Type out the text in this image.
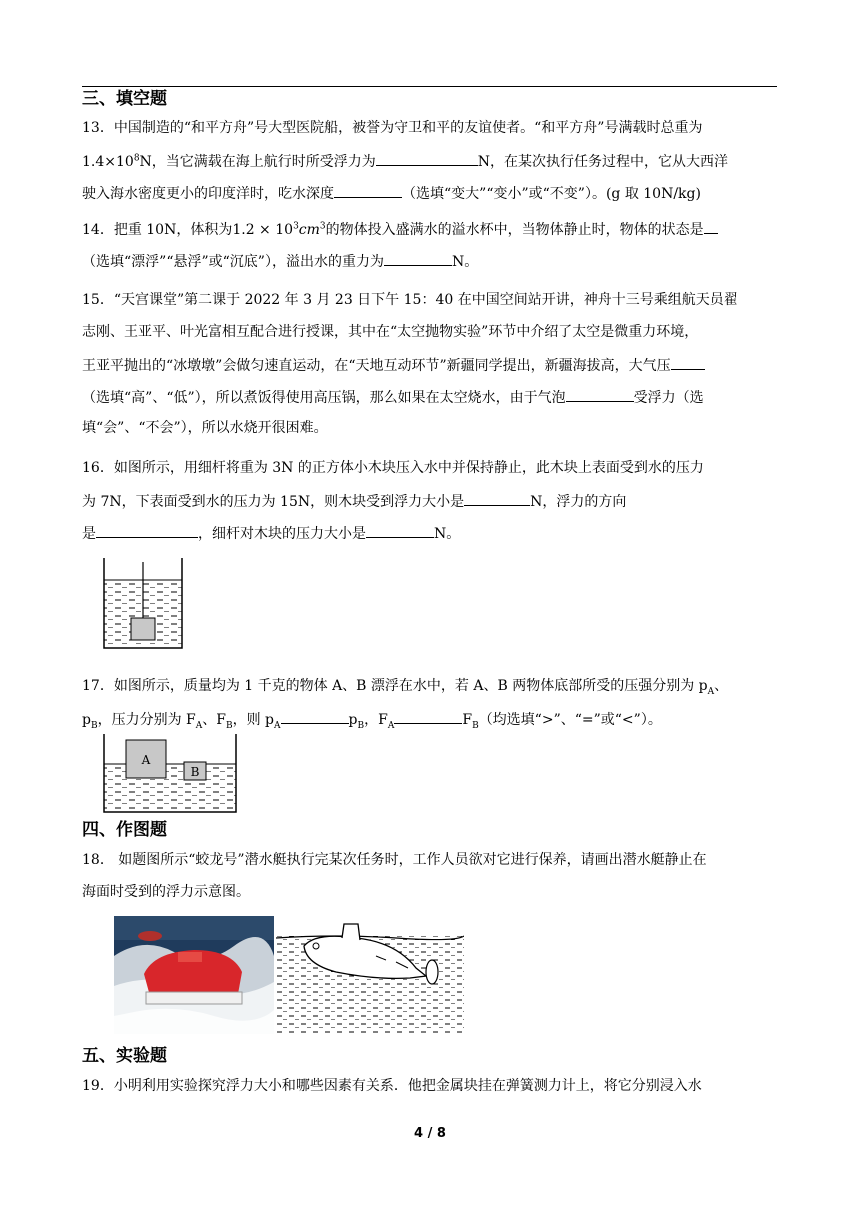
三、填空题
13．中国制造的“和平方舟”号大型医院船，被誉为守卫和平的友谊使者。“和平方舟”号满载时总重为
$1.4\times 10^8N$，当它满载在海上航行时所受浮力为	N，在某次执行任务过程中，它从大西洋
驶入海水密度更小的印度洋时，吃水深度	（选填“变大”“变小”或“不变”）。(g 取 10N/kg)
14．把重 10N，体积为$1.2 \times 10^3cm^3$的物体投入盛满水的溢水杯中，当物体静止时，物体的状态是
（选填“漂浮”“悬浮”或“沉底”），溢出水的重力为	N。
15．“天宫课堂”第二课于 2022 年 3 月 23 日下午 15：40 在中国空间站开讲，神舟十三号乘组航天员翟
志刚、王亚平、叶光富相互配合进行授课，其中在“太空抛物实验”环节中介绍了太空是微重力环境，
王亚平抛出的“冰墩墩”会做匀速直运动，在“天地互动环节”新疆同学提出，新疆海拔高，大气压
（选填“高”、“低”），所以煮饭得使用高压锅，那么如果在太空烧水，由于气泡	受浮力（选
填“会”、“不会”），所以水烧开很困难。
16．如图所示，用细杆将重为 3N 的正方体小木块压入水中并保持静止，此木块上表面受到水的压力
为 7N，下表面受到水的压力为 15N，则木块受到浮力大小是	N，浮力的方向
是	，细杆对木块的压力大小是	N。
17．如图所示，质量均为 1 千克的物体 A、B 漂浮在水中，若 A、B 两物体底部所受的压强分别为 $p_A$、
$p_B$，压力分别为 $F_A$、$F_B$，则 $p_A$	$p_B$，$F_A$	$F_B$（均选填“>”、“=”或“<”）。
A
B
四、作图题
18． 如题图所示“蛟龙号”潜水艇执行完某次任务时，工作人员欲对它进行保养，请画出潜水艇静止在
海面时受到的浮力示意图。
五、实验题
19．小明利用实验探究浮力大小和哪些因素有关系．他把金属块挂在弹簧测力计上，将它分别浸入水
4 / 8
